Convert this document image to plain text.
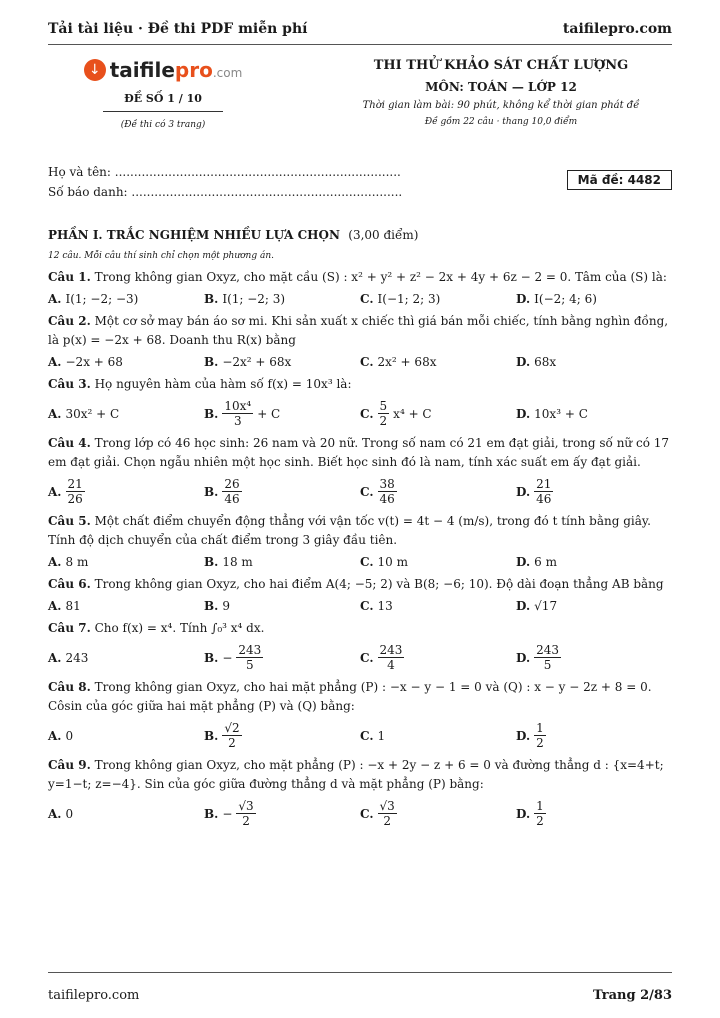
Tải tài liệu · Đề thi PDF miễn phí	taifilepro.com
↓ taifilepro.com
ĐỀ SỐ 1 / 10
(Đề thi có 3 trang)
THI THỬ KHẢO SÁT CHẤT LƯỢNG
MÔN: TOÁN — LỚP 12
Thời gian làm bài: 90 phút, không kể thời gian phát đề
Đề gồm 22 câu · thang 10,0 điểm
Họ và tên: ...........................................................................
Số báo danh: .......................................................................
Mã đề: 4482
PHẦN I. TRẮC NGHIỆM NHIỀU LỰA CHỌN (3,00 điểm)
12 câu. Mỗi câu thí sinh chỉ chọn một phương án.
Câu 1. Trong không gian Oxyz, cho mặt cầu (S) : x² + y² + z² − 2x + 4y + 6z − 2 = 0. Tâm của (S) là:
A. I(1; −2; −3)	B. I(1; −2; 3)	C. I(−1; 2; 3)	D. I(−2; 4; 6)
Câu 2. Một cơ sở may bán áo sơ mi. Khi sản xuất x chiếc thì giá bán mỗi chiếc, tính bằng nghìn đồng, là p(x) = −2x + 68. Doanh thu R(x) bằng
A. −2x + 68	B. −2x² + 68x	C. 2x² + 68x	D. 68x
Câu 3. Họ nguyên hàm của hàm số f(x) = 10x³ là:
A. 30x² + C	B. $\frac{\text{10x⁴}}{3} + C$	C. $\frac{5}{2} x^4 + C$	D. 10x³ + C
Câu 4. Trong lớp có 46 học sinh: 26 nam và 20 nữ. Trong số nam có 21 em đạt giải, trong số nữ có 17 em đạt giải. Chọn ngẫu nhiên một học sinh. Biết học sinh đó là nam, tính xác suất em ấy đạt giải.
A. $\frac{21}{26}$	B. $\frac{26}{46}$	C. $\frac{38}{46}$	D. $\frac{21}{46}$
Câu 5. Một chất điểm chuyển động thẳng với vận tốc v(t) = 4t − 4 (m/s), trong đó t tính bằng giây. Tính độ dịch chuyển của chất điểm trong 3 giây đầu tiên.
A. 8 m	B. 18 m	C. 10 m	D. 6 m
Câu 6. Trong không gian Oxyz, cho hai điểm A(4; −5; 2) và B(8; −6; 10). Độ dài đoạn thẳng AB bằng
A. 81	B. 9	C. 13	D. √17
Câu 7. Cho f(x) = x⁴. Tính ∫₀³ x⁴ dx.
A. 243	B. − $\frac{243}{5}$	C. $\frac{243}{4}$	D. $\frac{243}{5}$
Câu 8. Trong không gian Oxyz, cho hai mặt phẳng (P) : −x − y − 1 = 0 và (Q) : x − y − 2z + 8 = 0. Côsin của góc giữa hai mặt phẳng (P) và (Q) bằng:
A. 0	B. $\frac{√2}{2}$	C. 1	D. $\frac{1}{2}$
Câu 9. Trong không gian Oxyz, cho mặt phẳng (P) : −x + 2y − z + 6 = 0 và đường thẳng d : {x=4+t; y=1−t; z=−4}. Sin của góc giữa đường thẳng d và mặt phẳng (P) bằng:
A. 0	B. − $\frac{√3}{2}$	C. $\frac{√3}{2}$	D. $\frac{1}{2}$
taifilepro.com	Trang 2/83
